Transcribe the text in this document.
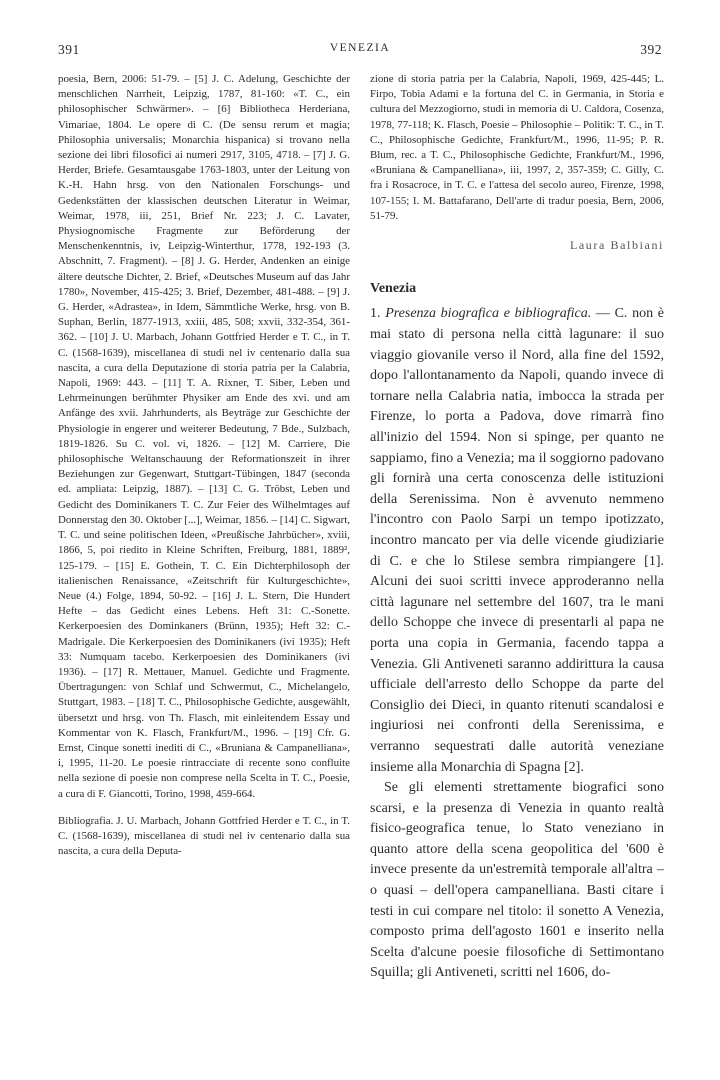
391	VENEZIA	392

poesia, Bern, 2006: 51-79. – [5] J. C. Adelung, Geschichte der menschlichen Narrheit, Leipzig, 1787, 81-160: «T. C., ein philosophischer Schwärmer». – [6] Bibliotheca Herderiana, Vimariae, 1804. Le opere di C. (De sensu rerum et magia; Philosophia universalis; Monarchia hispanica) si trovano nella sezione dei libri filosofici ai numeri 2917, 3105, 4718. – [7] J. G. Herder, Briefe. Gesamtausgabe 1763-1803, unter der Leitung von K.-H. Hahn hrsg. von den Nationalen Forschungs- und Gedenkstätten der klassischen deutschen Literatur in Weimar, Weimar, 1978, iii, 251, Brief Nr. 223; J. C. Lavater, Physiognomische Fragmente zur Beförderung der Menschenkenntnis, iv, Leipzig-Winterthur, 1778, 192-193 (3. Abschnitt, 7. Fragment). – [8] J. G. Herder, Andenken an einige ältere deutsche Dichter, 2. Brief, «Deutsches Museum auf das Jahr 1780», November, 415-425; 3. Brief, Dezember, 481-488. – [9] J. G. Herder, «Adrastea», in Idem, Sämmtliche Werke, hrsg. von B. Suphan, Berlin, 1877-1913, xxiii, 485, 508; xxvii, 332-354, 361-362. – [10] J. U. Marbach, Johann Gottfried Herder e T. C., in T. C. (1568-1639), miscellanea di studi nel iv centenario dalla sua nascita, a cura della Deputazione di storia patria per la Calabria, Napoli, 1969: 443. – [11] T. A. Rixner, T. Siber, Leben und Lehrmeinungen berühmter Physiker am Ende des xvi. und am Anfänge des xvii. Jahrhunderts, als Beyträge zur Geschichte der Physiologie in engerer und weiterer Bedeutung, 7 Bde., Sulzbach, 1819-1826. Su C. vol. vi, 1826. – [12] M. Carriere, Die philosophische Weltanschauung der Reformationszeit in ihrer Beziehungen zur Gegenwart, Stuttgart-Tübingen, 1847 (seconda ed. ampliata: Leipzig, 1887). – [13] C. G. Tröbst, Leben und Gedicht des Dominikaners T. C. Zur Feier des Wilhelmtages auf Donnerstag den 30. Oktober [...], Weimar, 1856. – [14] C. Sigwart, T. C. und seine politischen Ideen, «Preußische Jahrbücher», xviii, 1866, 5, poi riedito in Kleine Schriften, Freiburg, 1881, 1889², 125-179. – [15] E. Gothein, T. C. Ein Dichterphilosoph der italienischen Renaissance, «Zeitschrift für Kulturgeschichte», Neue (4.) Folge, 1894, 50-92. – [16] J. L. Stern, Die Hundert Hefte – das Gedicht eines Lebens. Heft 31: C.-Sonette. Kerkerpoesien des Dominkaners (Brünn, 1935); Heft 32: C.-Madrigale. Die Kerkerpoesien des Dominikaners (ivi 1935); Heft 33: Numquam tacebo. Kerkerpoesien des Dominikaners (ivi 1936). – [17] R. Mettauer, Manuel. Gedichte und Fragmente. Übertragungen: von Schlaf und Schwermut, C., Michelangelo, Stuttgart, 1983. – [18] T. C., Philosophische Gedichte, ausgewählt, übersetzt und hrsg. von Th. Flasch, mit einleitendem Essay und Kommentar von K. Flasch, Frankfurt/M., 1996. – [19] Cfr. G. Ernst, Cinque sonetti inediti di C., «Bruniana & Campanelliana», i, 1995, 11-20. Le poesie rintracciate di recente sono confluite nella sezione di poesie non comprese nella Scelta in T. C., Poesie, a cura di F. Giancotti, Torino, 1998, 459-664.

Bibliografia. J. U. Marbach, Johann Gottfried Herder e T. C., in T. C. (1568-1639), miscellanea di studi nel iv centenario dalla sua nascita, a cura della Deputa-

zione di storia patria per la Calabria, Napoli, 1969, 425-445; L. Firpo, Tobia Adami e la fortuna del C. in Germania, in Storia e cultura del Mezzogiorno, studi in memoria di U. Caldora, Cosenza, 1978, 77-118; K. Flasch, Poesie – Philosophie – Politik: T. C., in T. C., Philosophische Gedichte, Frankfurt/M., 1996, 11-95; P. R. Blum, rec. a T. C., Philosophische Gedichte, Frankfurt/M., 1996, «Bruniana & Campanelliana», iii, 1997, 2, 357-359; C. Gilly, C. fra i Rosacroce, in T. C. e l'attesa del secolo aureo, Firenze, 1998, 107-155; I. M. Battafarano, Dell'arte di tradur poesia, Bern, 2006, 51-79.

Laura Balbiani
Venezia

1. Presenza biografica e bibliografica. — C. non è mai stato di persona nella città lagunare: il suo viaggio giovanile verso il Nord, alla fine del 1592, dopo l'allontanamento da Napoli, quando invece di tornare nella Calabria natia, imbocca la strada per Firenze, lo porta a Padova, dove rimarrà fino all'inizio del 1594. Non si spinge, per quanto ne sappiamo, fino a Venezia; ma il soggiorno padovano gli fornirà una certa conoscenza delle istituzioni della Serenissima. Non è avvenuto nemmeno l'incontro con Paolo Sarpi un tempo ipotizzato, incontro mancato per via delle vicende giudiziarie di C. e che lo Stilese sembra rimpiangere [1]. Alcuni dei suoi scritti invece approderanno nella città lagunare nel settembre del 1607, tra le mani dello Schoppe che invece di presentarli al papa ne porta una copia in Germania, facendo tappa a Venezia. Gli Antiveneti saranno addirittura la causa ufficiale dell'arresto dello Schoppe da parte del Consiglio dei Dieci, in quanto ritenuti scandalosi e ingiuriosi nei confronti della Serenissima, e verranno sequestrati dalle autorità veneziane insieme alla Monarchia di Spagna [2].

Se gli elementi strettamente biografici sono scarsi, e la presenza di Venezia in quanto realtà fisico-geografica tenue, lo Stato veneziano in quanto attore della scena geopolitica del '600 è invece presente da un'estremità temporale all'altra – o quasi – dell'opera campanelliana. Basti citare i testi in cui compare nel titolo: il sonetto A Venezia, composto prima dell'agosto 1601 e inserito nella Scelta d'alcune poesie filosofiche di Settimontano Squilla; gli Antiveneti, scritti nel 1606, do-
